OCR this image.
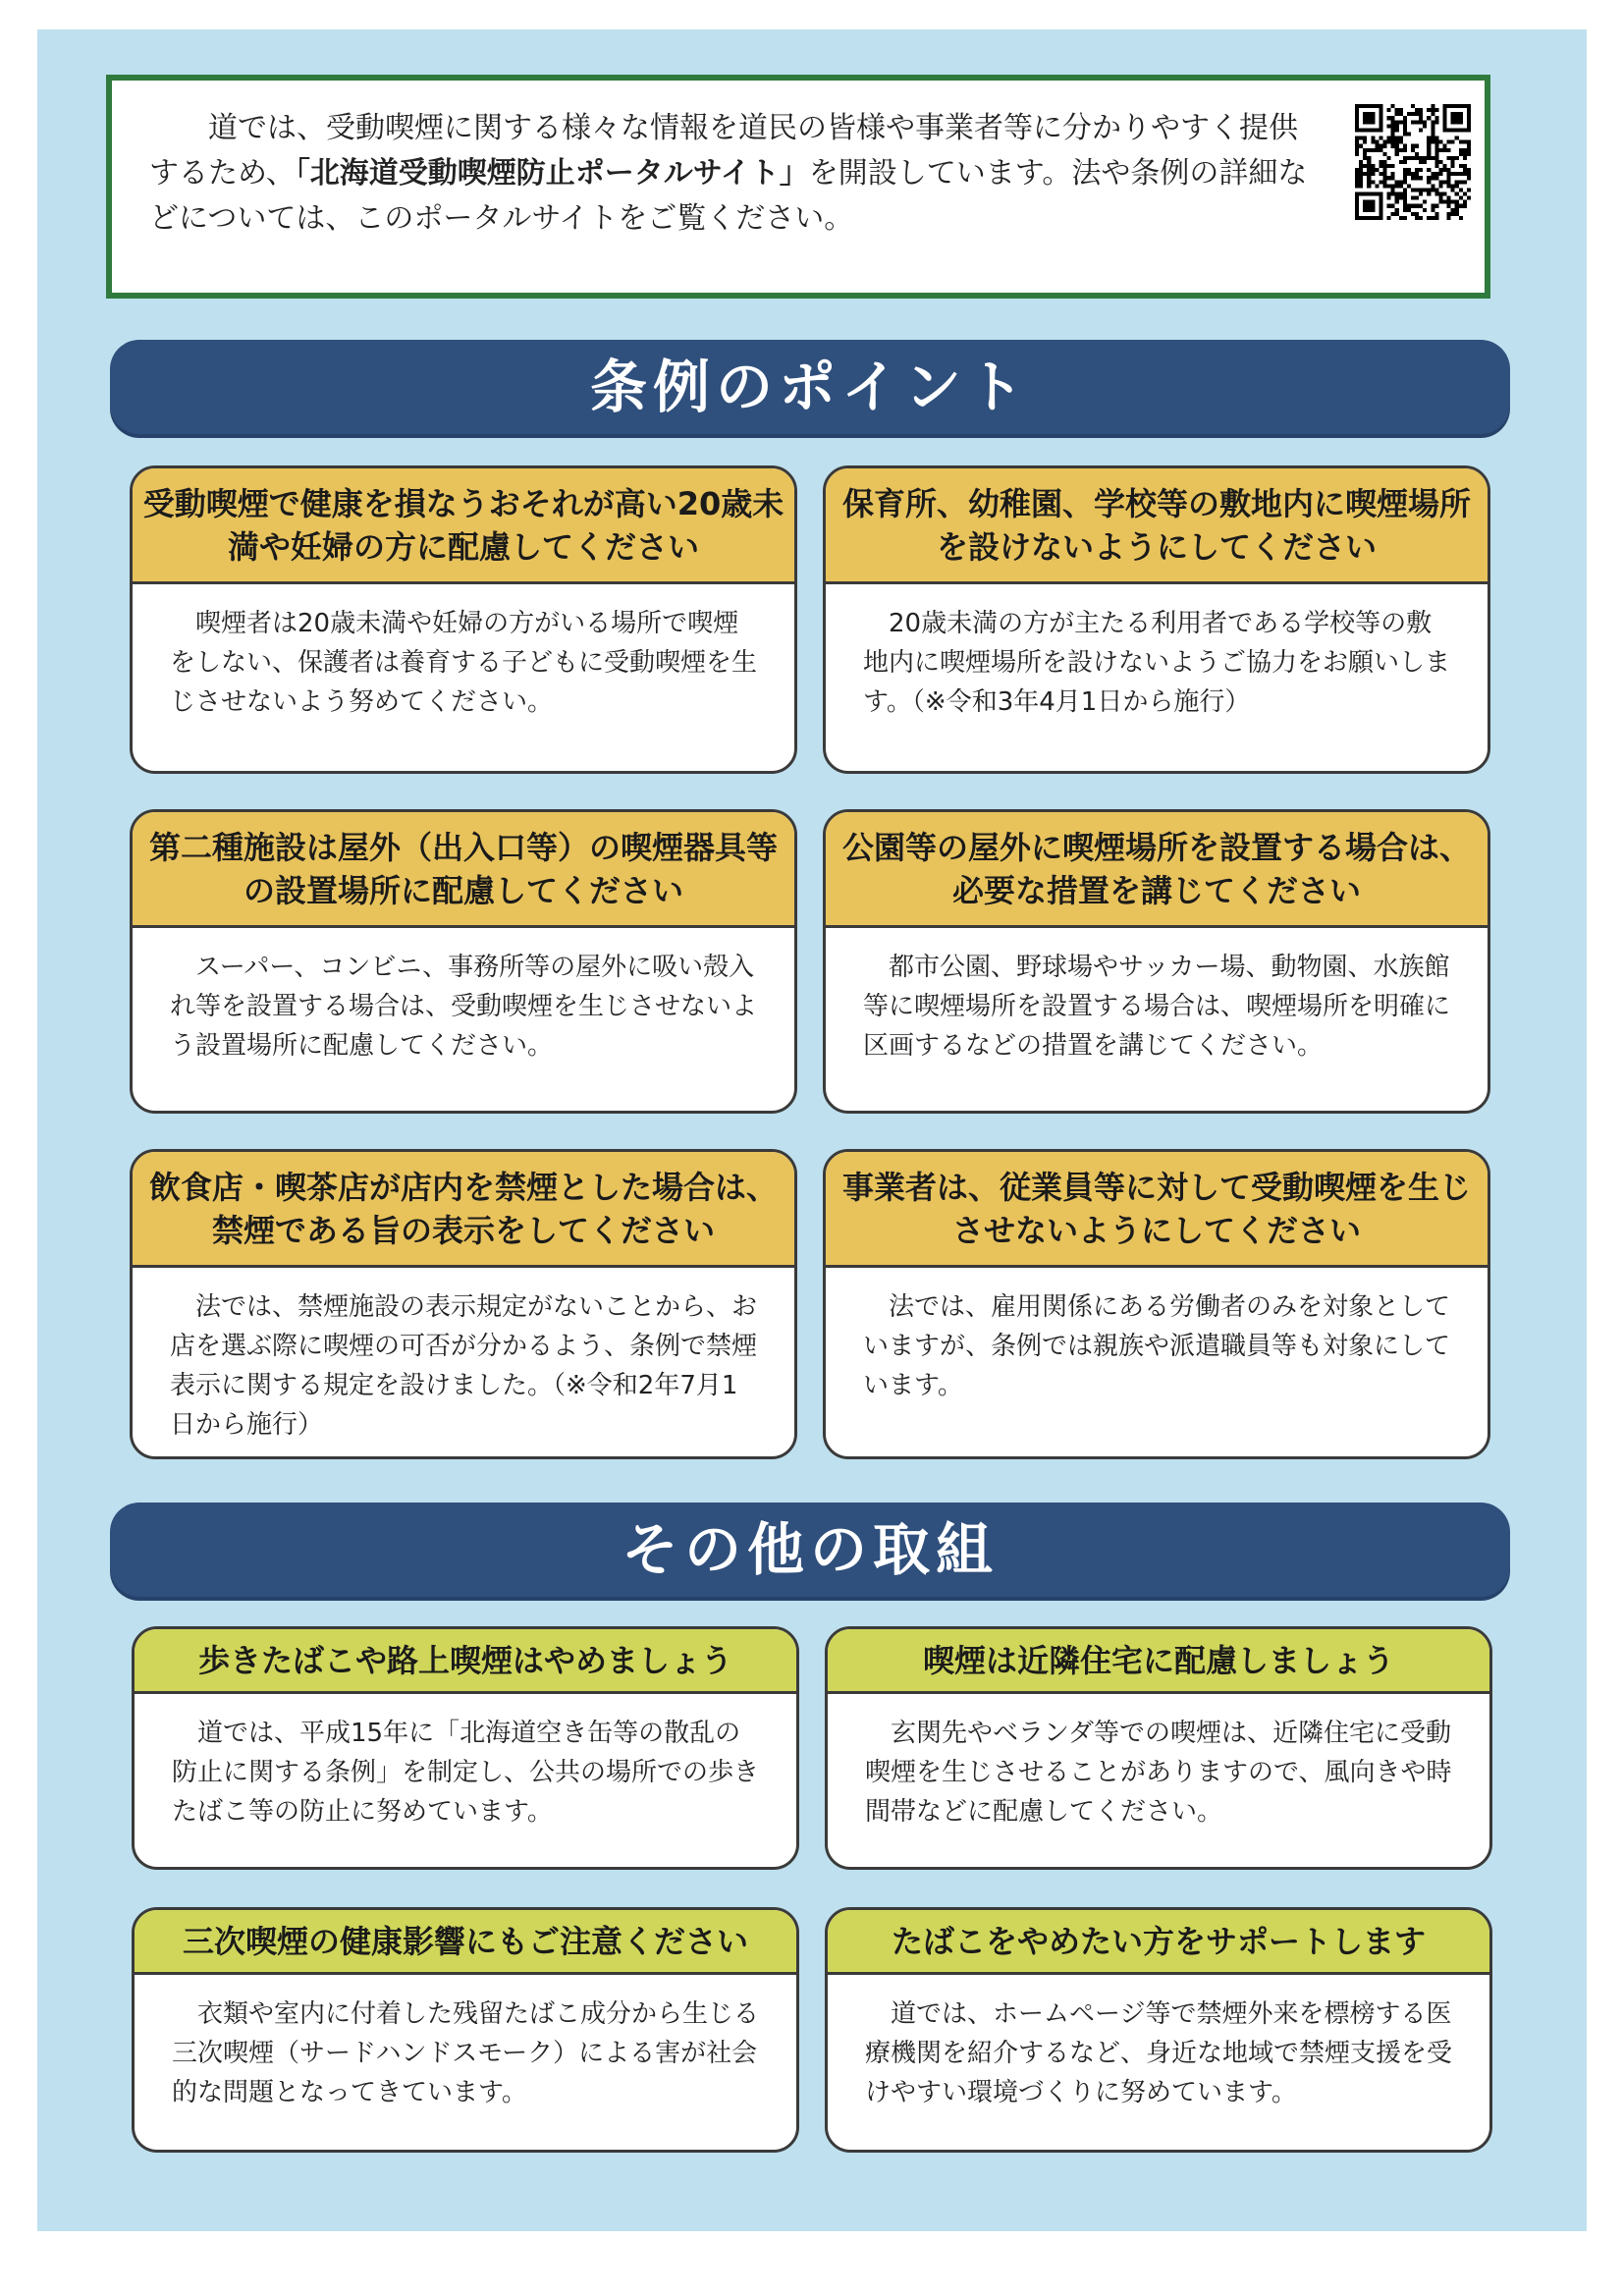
道では、受動喫煙に関する様々な情報を道民の皆様や事業者等に分かりやすく提供するため、「北海道受動喫煙防止ポータルサイト」を開設しています。法や条例の詳細などについては、このポータルサイトをご覧ください。
条例のポイント
受動喫煙で健康を損なうおそれが高い20歳未満や妊婦の方に配慮してください
喫煙者は20歳未満や妊婦の方がいる場所で喫煙をしない、保護者は養育する子どもに受動喫煙を生じさせないよう努めてください。
保育所、幼稚園、学校等の敷地内に喫煙場所を設けないようにしてください
20歳未満の方が主たる利用者である学校等の敷地内に喫煙場所を設けないようご協力をお願いします。（※令和3年4月1日から施行）
第二種施設は屋外（出入口等）の喫煙器具等の設置場所に配慮してください
スーパー、コンビニ、事務所等の屋外に吸い殻入れ等を設置する場合は、受動喫煙を生じさせないよう設置場所に配慮してください。
公園等の屋外に喫煙場所を設置する場合は、必要な措置を講じてください
都市公園、野球場やサッカー場、動物園、水族館等に喫煙場所を設置する場合は、喫煙場所を明確に区画するなどの措置を講じてください。
飲食店・喫茶店が店内を禁煙とした場合は、禁煙である旨の表示をしてください
法では、禁煙施設の表示規定がないことから、お店を選ぶ際に喫煙の可否が分かるよう、条例で禁煙表示に関する規定を設けました。（※令和2年7月1日から施行）
事業者は、従業員等に対して受動喫煙を生じさせないようにしてください
法では、雇用関係にある労働者のみを対象としていますが、条例では親族や派遣職員等も対象にしています。
その他の取組
歩きたばこや路上喫煙はやめましょう
道では、平成15年に「北海道空き缶等の散乱の防止に関する条例」を制定し、公共の場所での歩きたばこ等の防止に努めています。
喫煙は近隣住宅に配慮しましょう
玄関先やベランダ等での喫煙は、近隣住宅に受動喫煙を生じさせることがありますので、風向きや時間帯などに配慮してください。
三次喫煙の健康影響にもご注意ください
衣類や室内に付着した残留たばこ成分から生じる三次喫煙（サードハンドスモーク）による害が社会的な問題となってきています。
たばこをやめたい方をサポートします
道では、ホームページ等で禁煙外来を標榜する医療機関を紹介するなど、身近な地域で禁煙支援を受けやすい環境づくりに努めています。
